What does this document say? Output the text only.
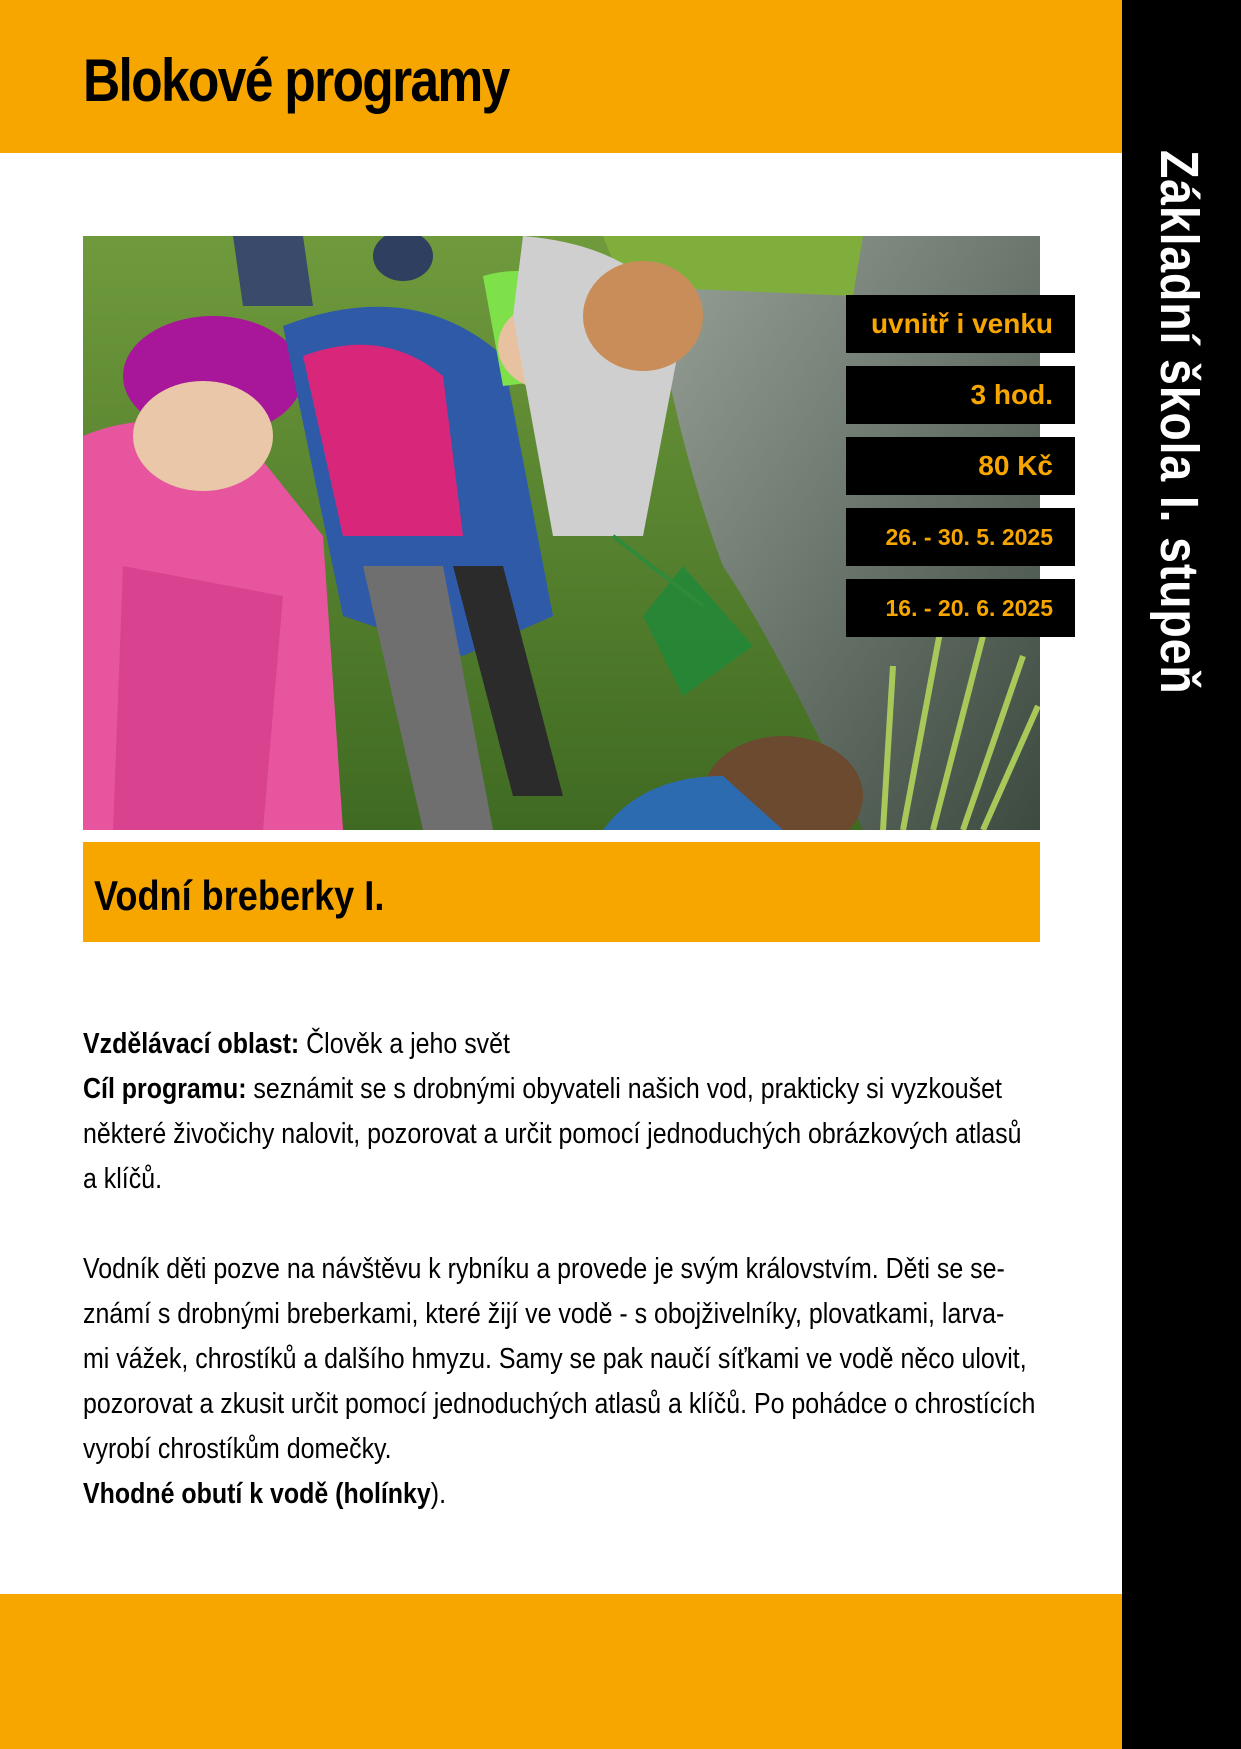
Blokové programy
Základní škola I. stupeň
uvnitř i venku
3 hod.
80 Kč
26. - 30. 5. 2025
16. - 20. 6. 2025
Vodní breberky I.

Vzdělávací oblast: Člověk a jeho svět

Cíl programu: seznámit se s drobnými obyvateli našich vod, prakticky si vyzkoušet

některé živočichy nalovit, pozorovat a určit pomocí jednoduchých obrázkových atlasů

a klíčů.

Vodník děti pozve na návštěvu k rybníku a provede je svým královstvím. Děti se se-

známí s drobnými breberkami, které žijí ve vodě - s obojživelníky, plovatkami, larva-

mi vážek, chrostíků a dalšího hmyzu. Samy se pak naučí síťkami ve vodě něco ulovit,

pozorovat a zkusit určit pomocí jednoduchých atlasů a klíčů. Po pohádce o chrostících

vyrobí chrostíkům domečky.

Vhodné obutí k vodě (holínky).
